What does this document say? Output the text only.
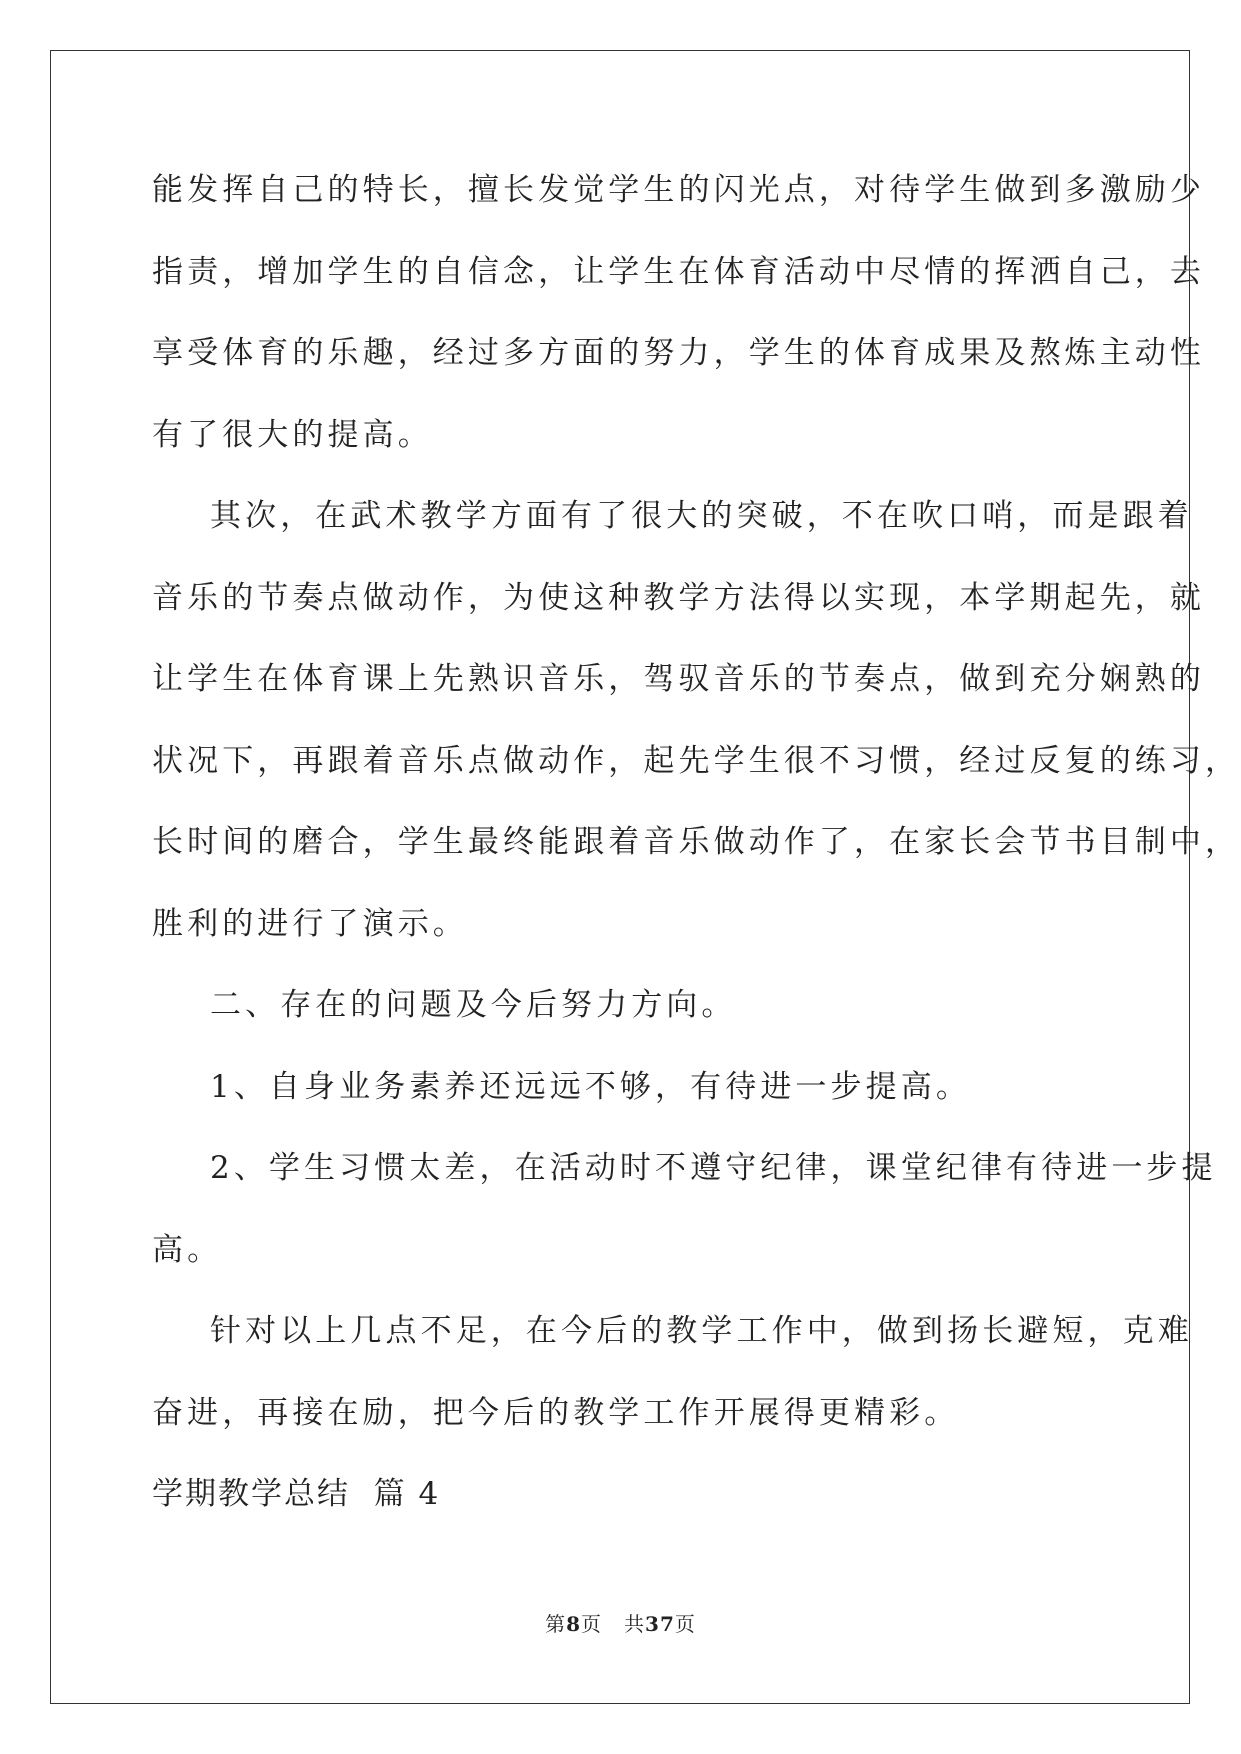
能发挥自己的特长，擅长发觉学生的闪光点，对待学生做到多激励少
指责，增加学生的自信念，让学生在体育活动中尽情的挥洒自己，去
享受体育的乐趣，经过多方面的努力，学生的体育成果及熬炼主动性
有了很大的提高。

其次，在武术教学方面有了很大的突破，不在吹口哨，而是跟着
音乐的节奏点做动作，为使这种教学方法得以实现，本学期起先，就
让学生在体育课上先熟识音乐，驾驭音乐的节奏点，做到充分娴熟的
状况下，再跟着音乐点做动作，起先学生很不习惯，经过反复的练习，
长时间的磨合，学生最终能跟着音乐做动作了，在家长会节书目制中，
胜利的进行了演示。

二、存在的问题及今后努力方向。

1、自身业务素养还远远不够，有待进一步提高。

2、学生习惯太差，在活动时不遵守纪律，课堂纪律有待进一步提
高。

针对以上几点不足，在今后的教学工作中，做到扬长避短，克难
奋进，再接在励，把今后的教学工作开展得更精彩。

学期教学总结  篇 4

第8页 共37页
